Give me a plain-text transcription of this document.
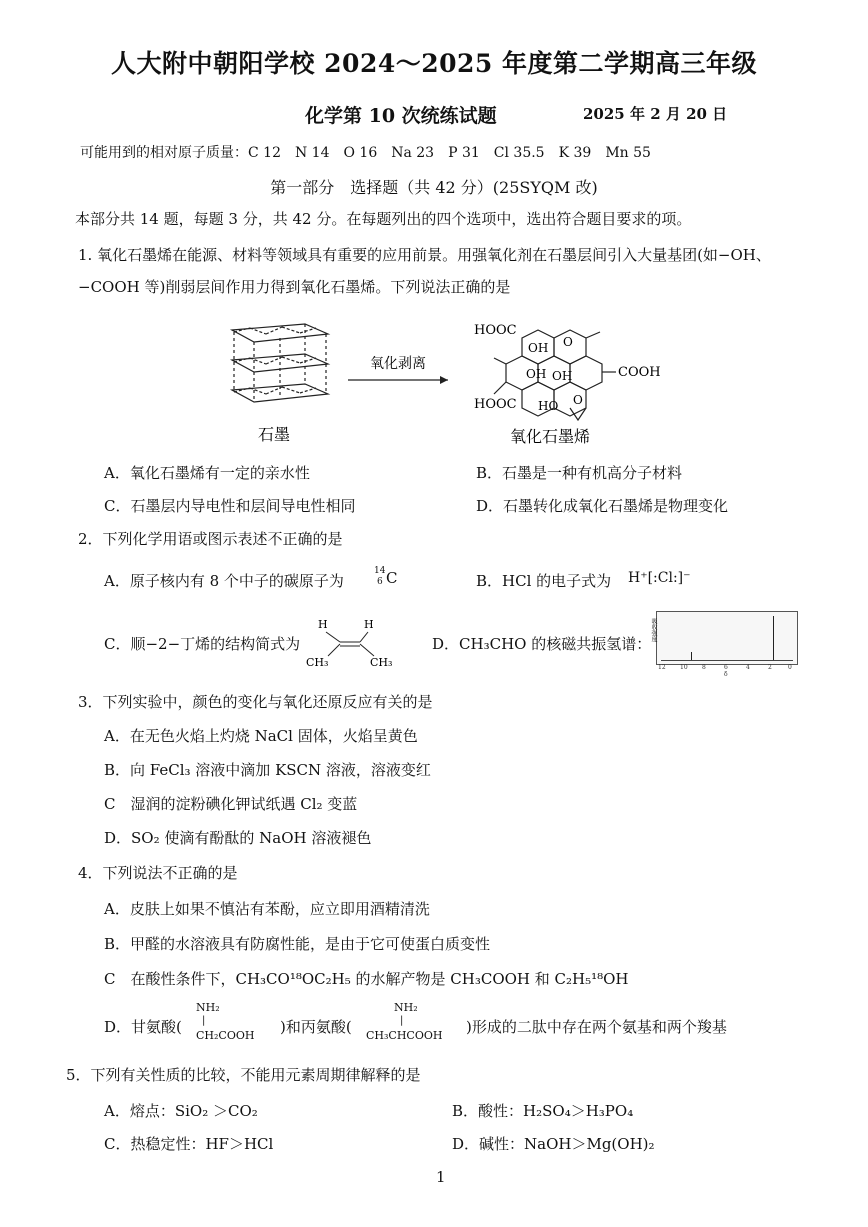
人大附中朝阳学校 2024～2025 年度第二学期高三年级
化学第 10 次统练试题	2025 年 2 月 20 日
可能用到的相对原子质量：C 12　N 14　O 16　Na 23　P 31　Cl 35.5　K 39　Mn 55
第一部分　选择题（共 42 分）(25SYQM 改)
本部分共 14 题，每题 3 分，共 42 分。在每题列出的四个选项中，选出符合题目要求的项。
1. 氧化石墨烯在能源、材料等领域具有重要的应用前景。用强氧化剂在石墨层间引入大量基团(如−OH、
−COOH 等)削弱层间作用力得到氧化石墨烯。下列说法正确的是
石墨
氧化剥离
HOOC
COOH
HOOC
OH
OH OH
HO
O
O
氧化石墨烯
A．氧化石墨烯有一定的亲水性	B．石墨是一种有机高分子材料
C．石墨层内导电性和层间导电性相同	D．石墨转化成氧化石墨烯是物理变化
2．下列化学用语或图示表述不正确的是
A．原子核内有 8 个中子的碳原子为
14
6 C	B．HCl 的电子式为 H⁺[:Cl:]⁻
C．顺−2−丁烯的结构简式为
H	H
CH₃	CH₃
D．CH₃CHO 的核磁共振氢谱：
吸收强度
12 10 8	6	4	2	0
δ
3．下列实验中，颜色的变化与氧化还原反应有关的是
A．在无色火焰上灼烧 NaCl 固体，火焰呈黄色
B．向 FeCl₃ 溶液中滴加 KSCN 溶液，溶液变红
C　湿润的淀粉碘化钾试纸遇 Cl₂ 变蓝
D．SO₂ 使滴有酚酞的 NaOH 溶液褪色
4．下列说法不正确的是
A．皮肤上如果不慎沾有苯酚，应立即用酒精清洗
B．甲醛的水溶液具有防腐性能，是由于它可使蛋白质变性
C　在酸性条件下，CH₃CO¹⁸OC₂H₅ 的水解产物是 CH₃COOH 和 C₂H₅¹⁸OH
D．甘氨酸(
NH₂
|
CH₂COOH )和丙氨酸(
NH₂
|
CH₃CHCOOH )形成的二肽中存在两个氨基和两个羧基
5．下列有关性质的比较，不能用元素周期律解释的是
A．熔点：SiO₂ ＞CO₂	B．酸性：H₂SO₄＞H₃PO₄
C．热稳定性：HF＞HCl	D．碱性：NaOH＞Mg(OH)₂
1
